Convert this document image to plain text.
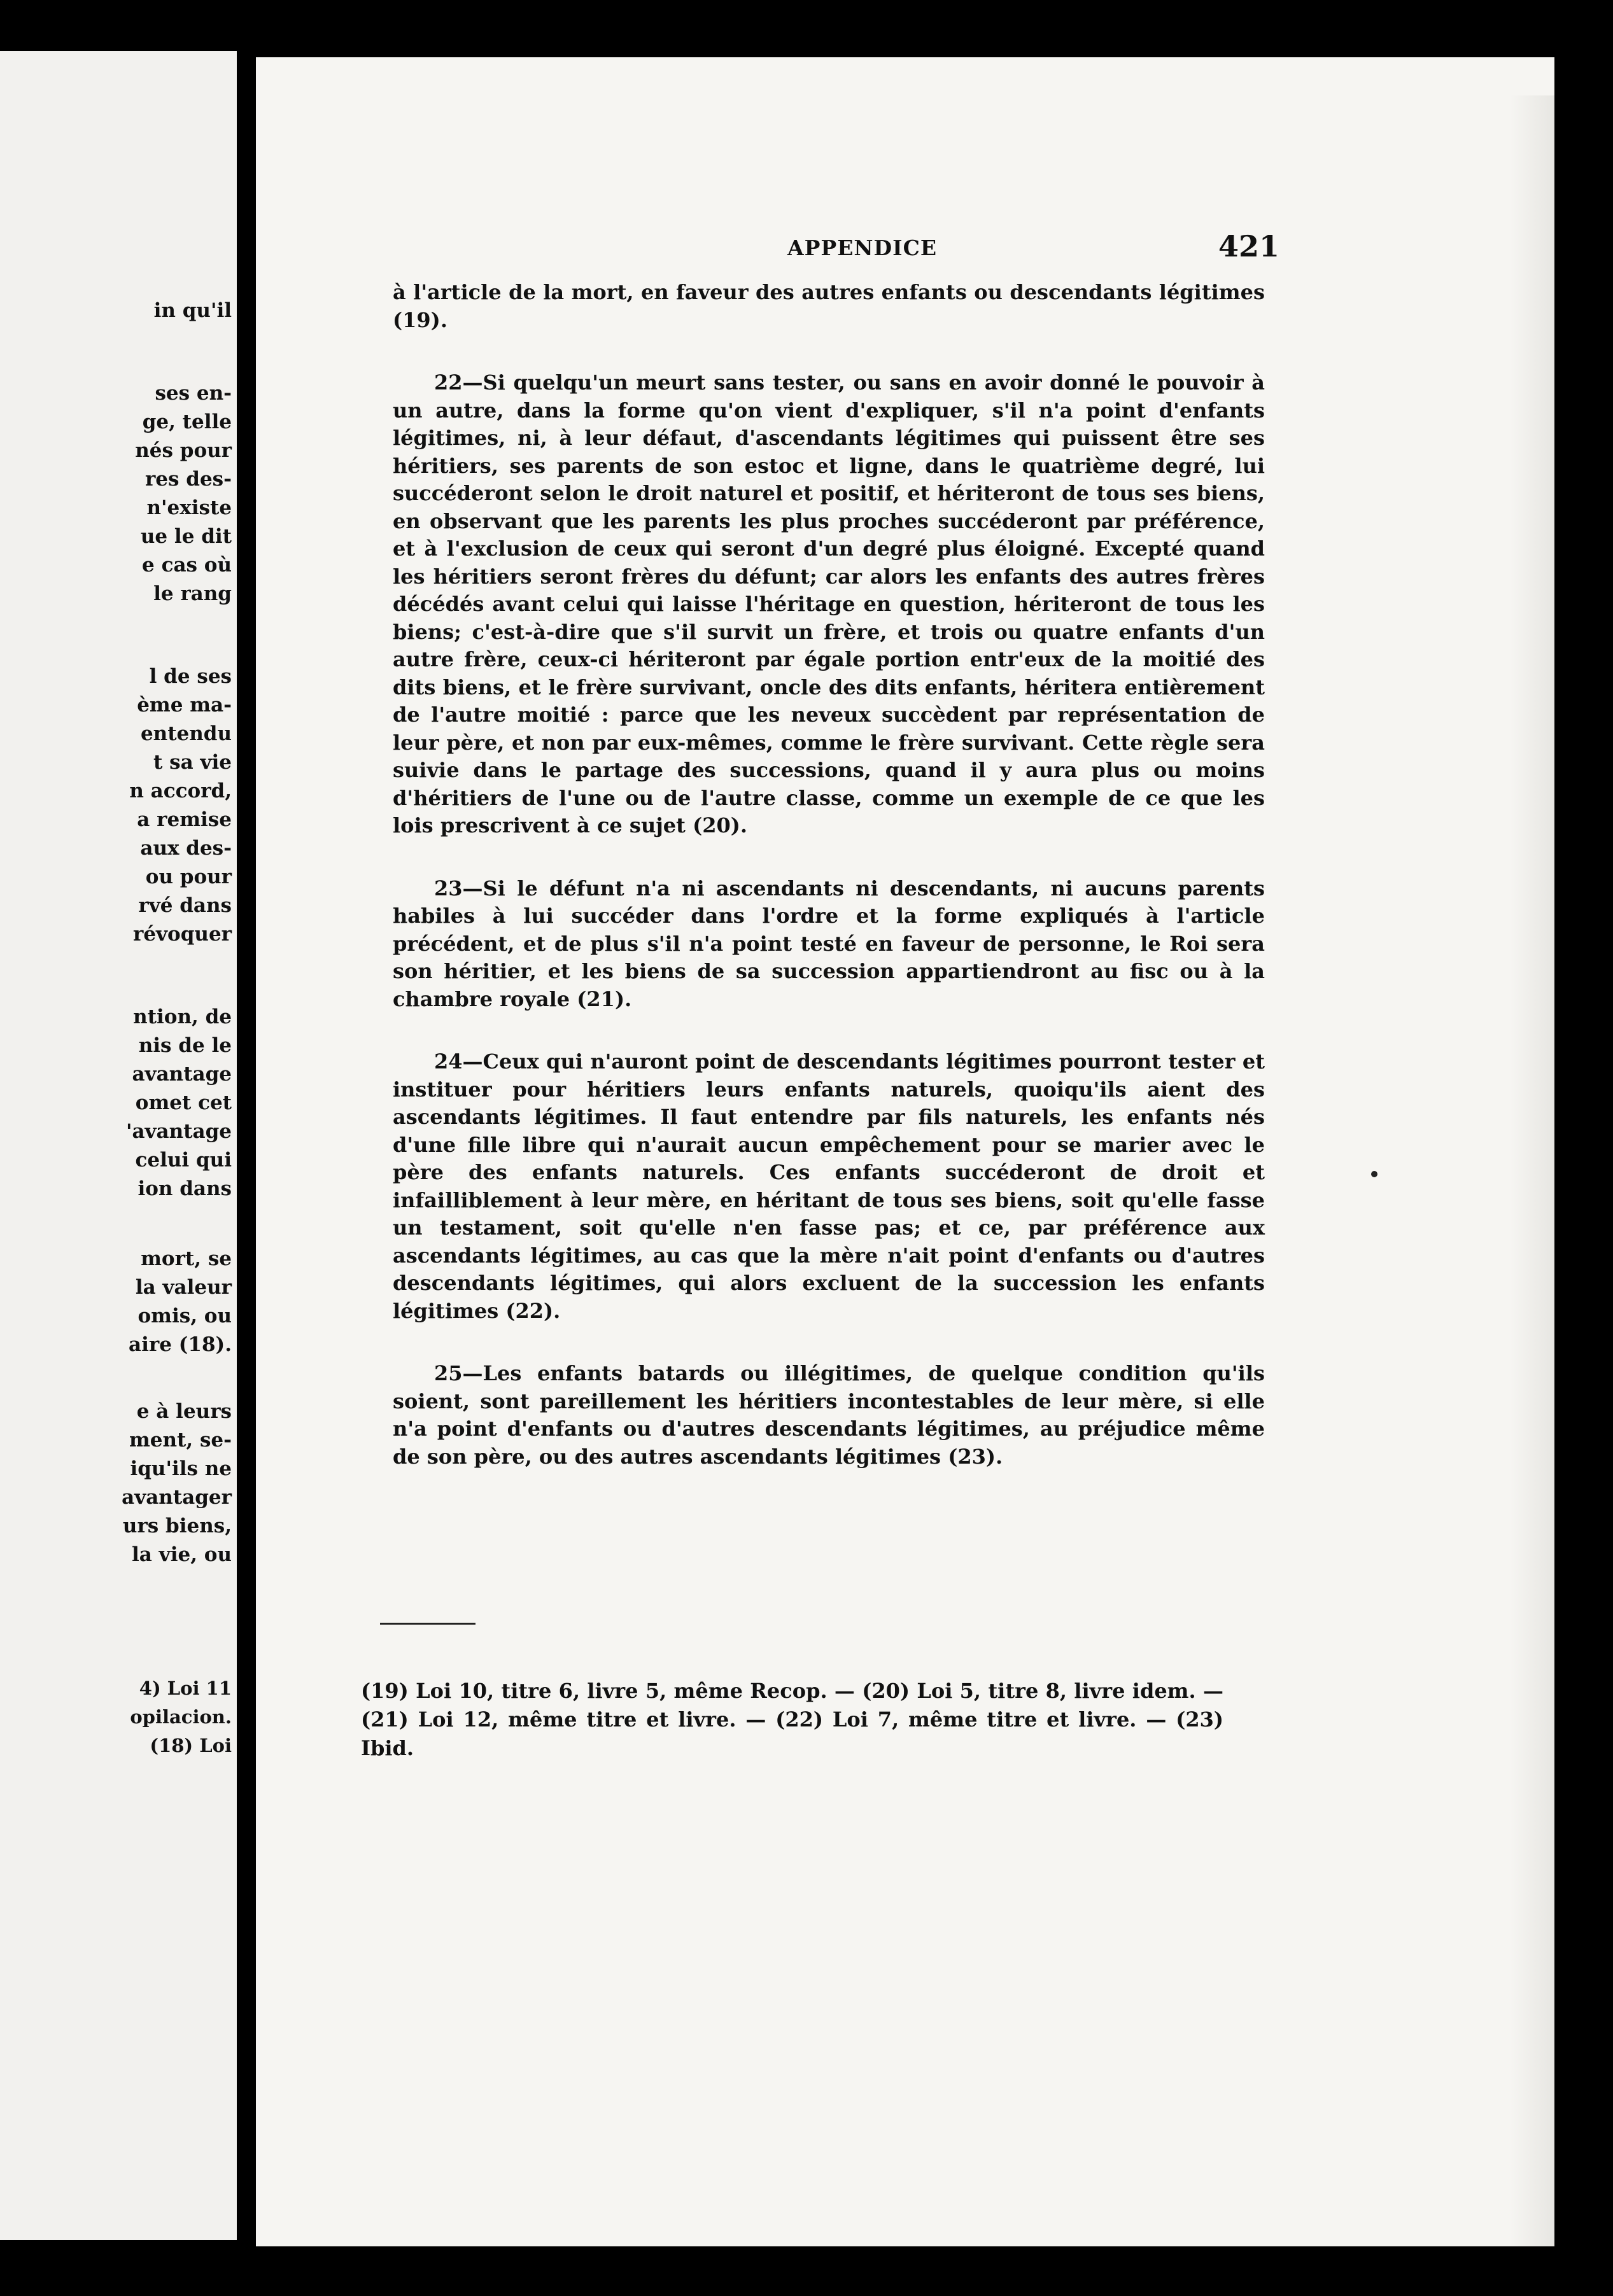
in qu'il
ses en-
ge, telle
nés pour
res des-
n'existe
ue le dit
e cas où
le rang
l de ses
ème ma-
entendu
t sa vie
n accord,
a remise
aux des-
ou pour
rvé dans
révoquer
ntion, de
nis de le
avantage
omet cet
'avantage
celui qui
ion dans
mort, se
la valeur
omis, ou
aire (18).
e à leurs
ment, se-
iqu'ils ne
avantager
urs biens,
la vie, ou
4) Loi 11
opilacion.
(18) Loi
APPENDICE	421

à l'article de la mort, en faveur des autres enfants ou descendants légitimes (19).

22—Si quelqu'un meurt sans tester, ou sans en avoir donné le pouvoir à un autre, dans la forme qu'on vient d'expliquer, s'il n'a point d'enfants légitimes, ni, à leur défaut, d'ascendants légitimes qui puissent être ses héritiers, ses parents de son estoc et ligne, dans le quatrième degré, lui succéderont selon le droit naturel et positif, et hériteront de tous ses biens, en observant que les parents les plus proches succéderont par préférence, et à l'exclusion de ceux qui seront d'un degré plus éloigné. Excepté quand les héritiers seront frères du défunt; car alors les enfants des autres frères décédés avant celui qui laisse l'héritage en question, hériteront de tous les biens; c'est-à-dire que s'il survit un frère, et trois ou quatre enfants d'un autre frère, ceux-ci hériteront par égale portion entr'eux de la moitié des dits biens, et le frère survivant, oncle des dits enfants, héritera entièrement de l'autre moitié : parce que les neveux succèdent par représentation de leur père, et non par eux-mêmes, comme le frère survivant. Cette règle sera suivie dans le partage des successions, quand il y aura plus ou moins d'héritiers de l'une ou de l'autre classe, comme un exemple de ce que les lois prescrivent à ce sujet (20).

23—Si le défunt n'a ni ascendants ni descendants, ni aucuns parents habiles à lui succéder dans l'ordre et la forme expliqués à l'article précédent, et de plus s'il n'a point testé en faveur de personne, le Roi sera son héritier, et les biens de sa succession appartiendront au fisc ou à la chambre royale (21).

24—Ceux qui n'auront point de descendants légitimes pourront tester et instituer pour héritiers leurs enfants naturels, quoiqu'ils aient des ascendants légitimes. Il faut entendre par fils naturels, les enfants nés d'une fille libre qui n'aurait aucun empêchement pour se marier avec le père des enfants naturels. Ces enfants succéderont de droit et infailliblement à leur mère, en héritant de tous ses biens, soit qu'elle fasse un testament, soit qu'elle n'en fasse pas; et ce, par préférence aux ascendants légitimes, au cas que la mère n'ait point d'enfants ou d'autres descendants légitimes, qui alors excluent de la succession les enfants légitimes (22).

25—Les enfants batards ou illégitimes, de quelque condition qu'ils soient, sont pareillement les héritiers incontestables de leur mère, si elle n'a point d'enfants ou d'autres descendants légitimes, au préjudice même de son père, ou des autres ascendants légitimes (23).

(19) Loi 10, titre 6, livre 5, même Recop. — (20) Loi 5, titre 8, livre idem. — (21) Loi 12, même titre et livre. — (22) Loi 7, même titre et livre. — (23) Ibid.
